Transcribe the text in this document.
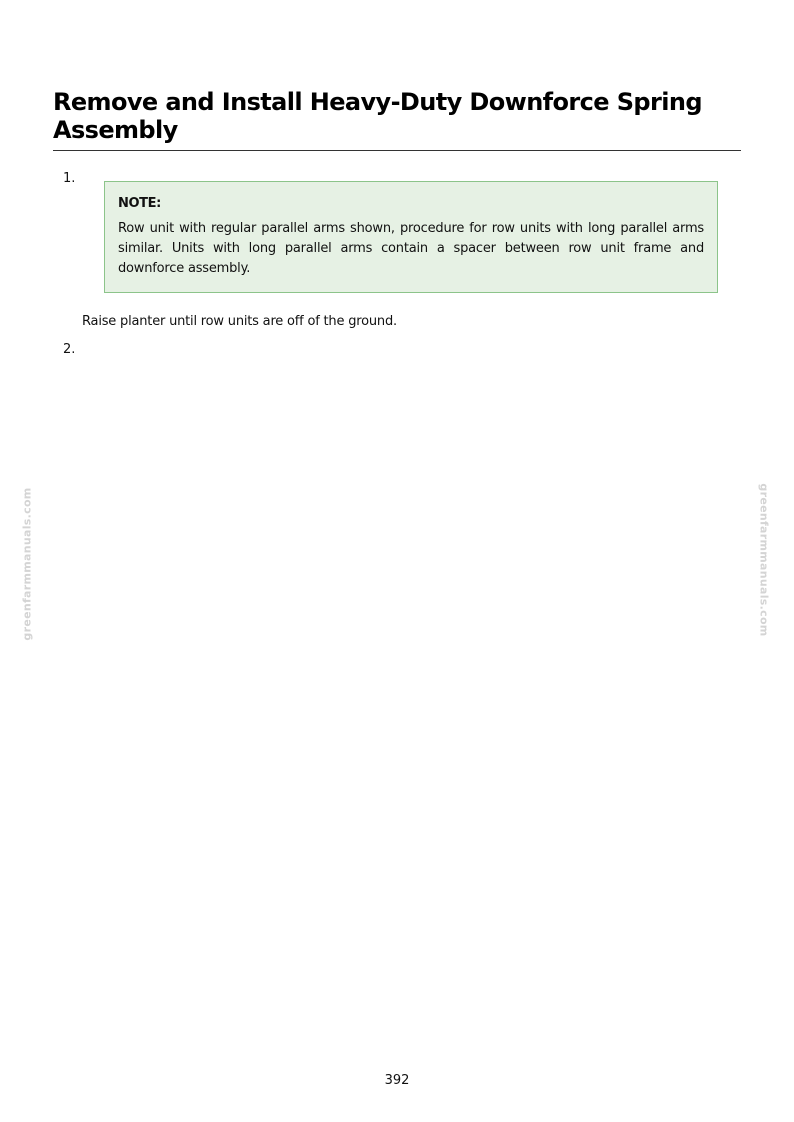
Remove and Install Heavy-Duty Downforce Spring Assembly
1.

NOTE:

Row unit with regular parallel arms shown, procedure for row units with long parallel arms similar. Units with long parallel arms contain a spacer between row unit frame and downforce assembly.

Raise planter until row units are off of the ground.

2.
greenfarmmanuals.com	greenfarmmanuals.com
392
